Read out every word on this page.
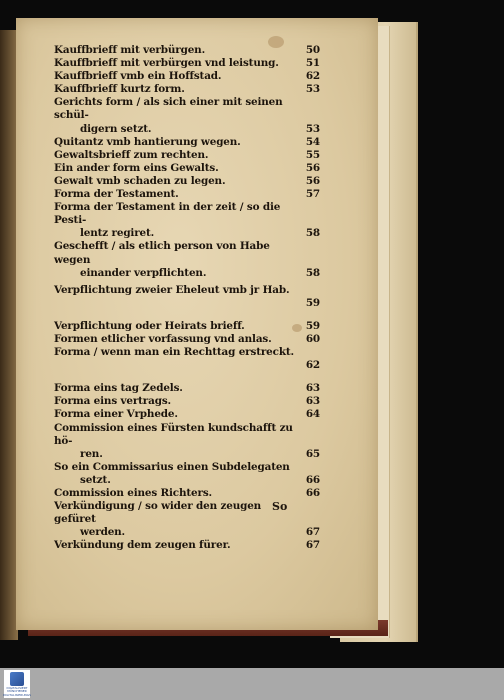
Kauffbrieff mit verbürgen.	50
Kauffbrieff mit verbürgen vnd leistung.	51
Kauffbrieff vmb ein Hoffstad.	62
Kauffbrieff kurtz form.	53
Gerichts form / als sich einer mit seinen schül-
digern setzt.	53
Quitantz vmb hantierung wegen.	54
Gewaltsbrieff zum rechten.	55
Ein ander form eins Gewalts.	56
Gewalt vmb schaden zu legen.	56
Forma der Testament.	57
Forma der Testament in der zeit / so die Pesti-
lentz regiret.	58
Geschefft / als etlich person von Habe wegen
einander verpflichten.	58
Verpflichtung zweier Eheleut vmb jr Hab.
59
Verpflichtung oder Heirats brieff.	59
Formen etlicher vorfassung vnd anlas.	60
Forma / wenn man ein Rechttag erstreckt.
62
Forma eins tag Zedels.	63
Forma eins vertrags.	63
Forma einer Vrphede.	64
Commission eines Fürsten kundschafft zu hö-
ren.	65
So ein Commissarius einen Subdelegaten
setzt.	66
Commission eines Richters.	66
Verkündigung / so wider den zeugen gefüret
werden.	67
Verkündung dem zeugen fürer.	67
So
DIGITALISIERT
MÜNCHENER
DIGITALISIERUNGS
